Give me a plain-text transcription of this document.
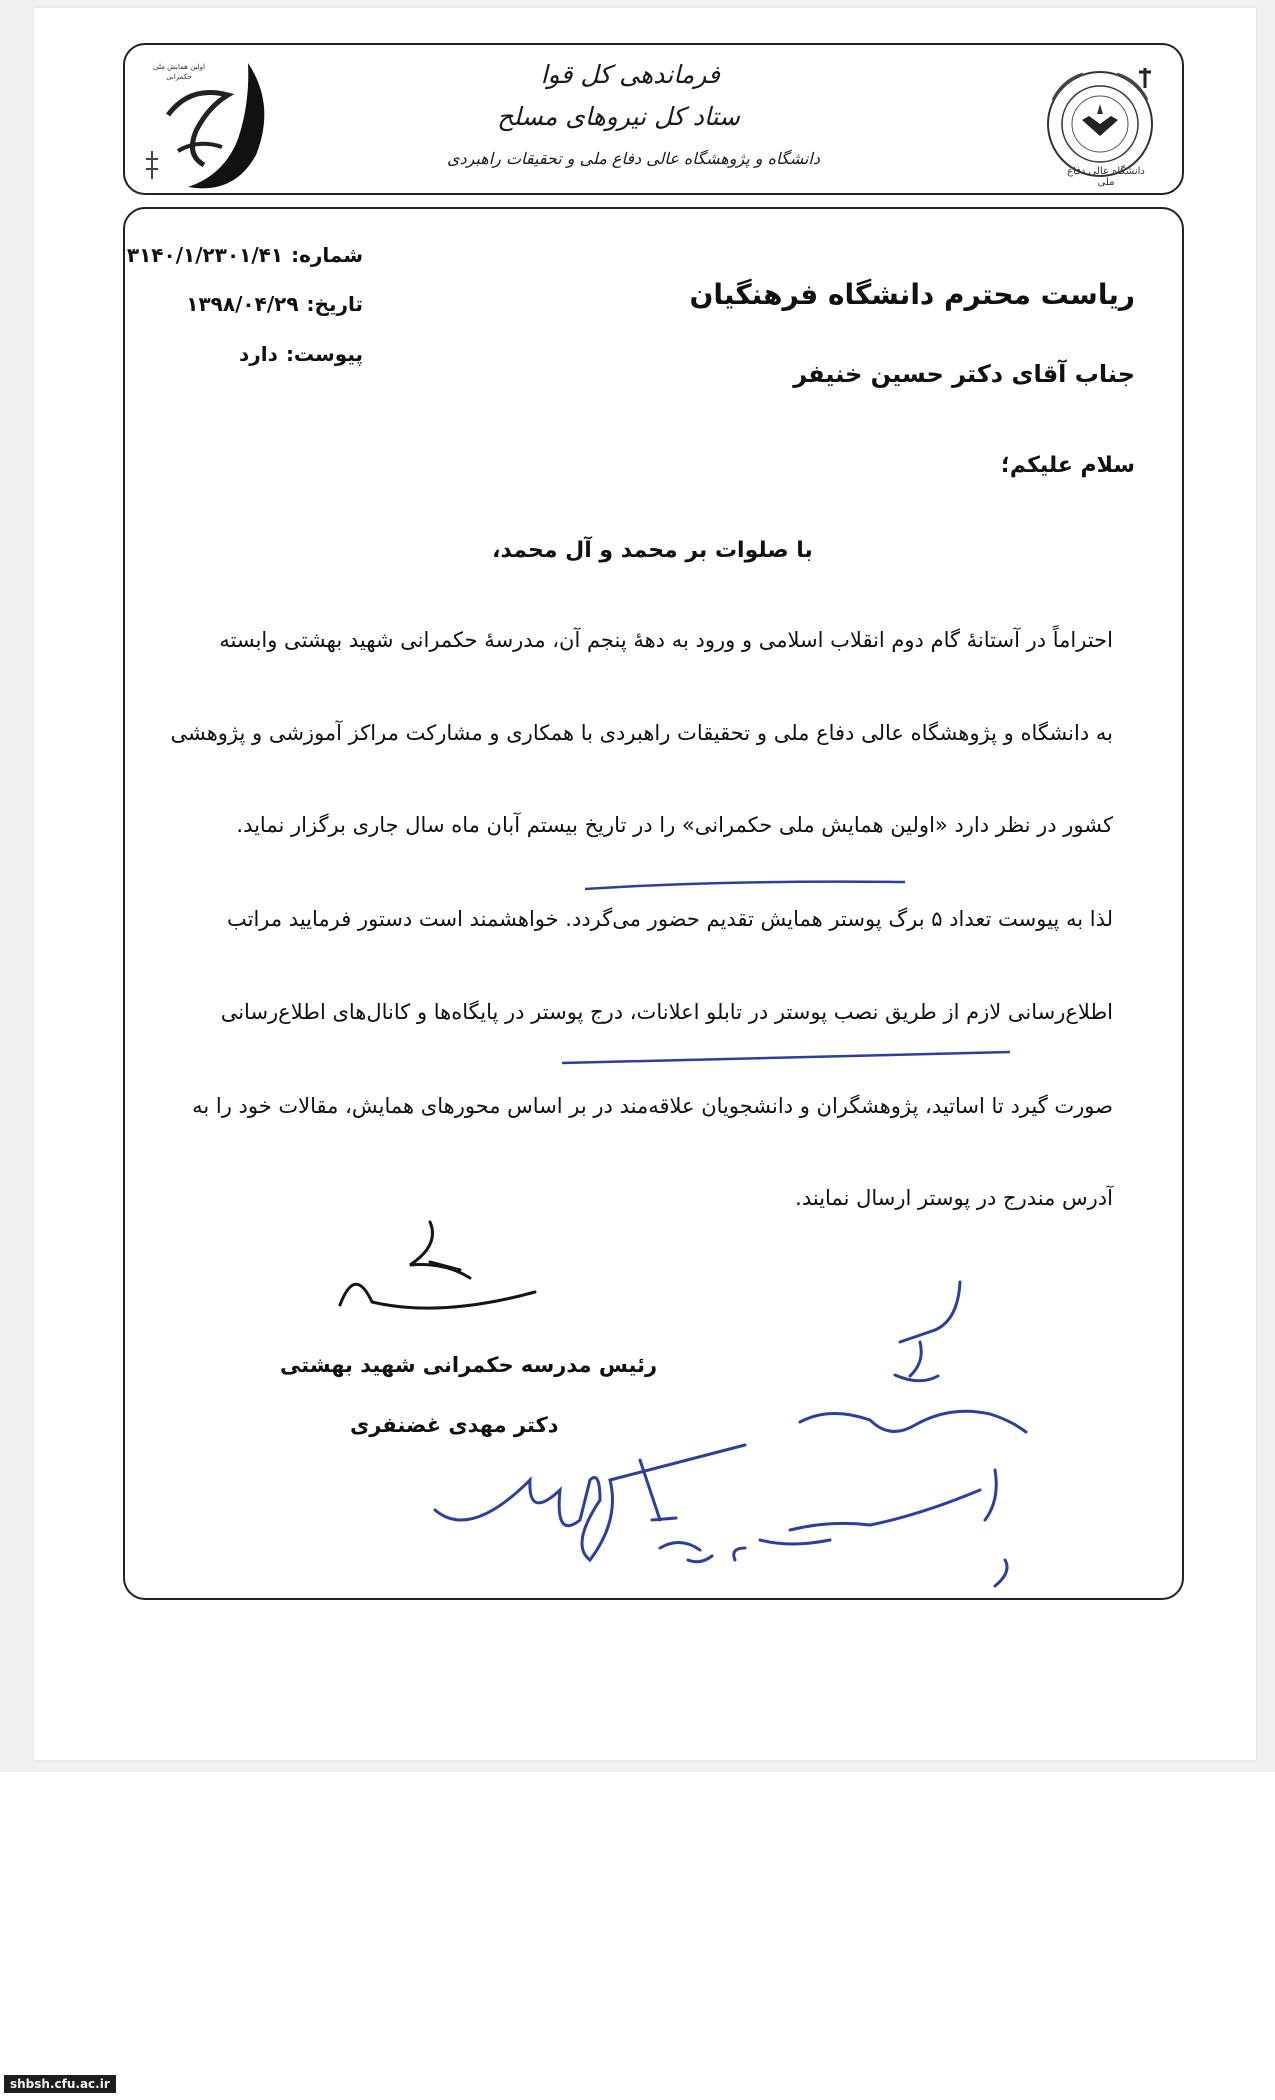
دانشگاه عالی دفاع ملی
اولین همایش ملی حکمرانی	فرماندهی کل قوا
ستاد کل نیروهای مسلح
دانشگاه و پژوهشگاه عالی دفاع ملی و تحقیقات راهبردی
شماره:۳۱۴۰/۱/۲۳۰۱/۴۱
تاریخ:۱۳۹۸/۰۴/۲۹
پیوست:دارد
ریاست محترم دانشگاه فرهنگیان
جناب آقای دکتر حسین خنیفر
سلام علیکم؛
با صلوات بر محمد و آل محمد،
احتراماً در آستانهٔ گام دوم انقلاب اسلامی و ورود به دههٔ پنجم آن، مدرسهٔ حکمرانی شهید بهشتی وابسته
به دانشگاه و پژوهشگاه عالی دفاع ملی و تحقیقات راهبردی با همکاری و مشارکت مراکز آموزشی و پژوهشی
کشور در نظر دارد «اولین همایش ملی حکمرانی» را در تاریخ بیستم آبان ماه سال جاری برگزار نماید.
لذا به پیوست تعداد ۵ برگ پوستر همایش تقدیم حضور می‌گردد. خواهشمند است دستور فرمایید مراتب
اطلاع‌رسانی لازم از طریق نصب پوستر در تابلو اعلانات، درج پوستر در پایگاه‌ها و کانال‌های اطلاع‌رسانی
صورت گیرد تا اساتید، پژوهشگران و دانشجویان علاقه‌مند در بر اساس محورهای همایش، مقالات خود را به
آدرس مندرج در پوستر ارسال نمایند.
رئیس مدرسه حکمرانی شهید بهشتی
دکتر مهدی غضنفری
shbsh.cfu.ac.ir
